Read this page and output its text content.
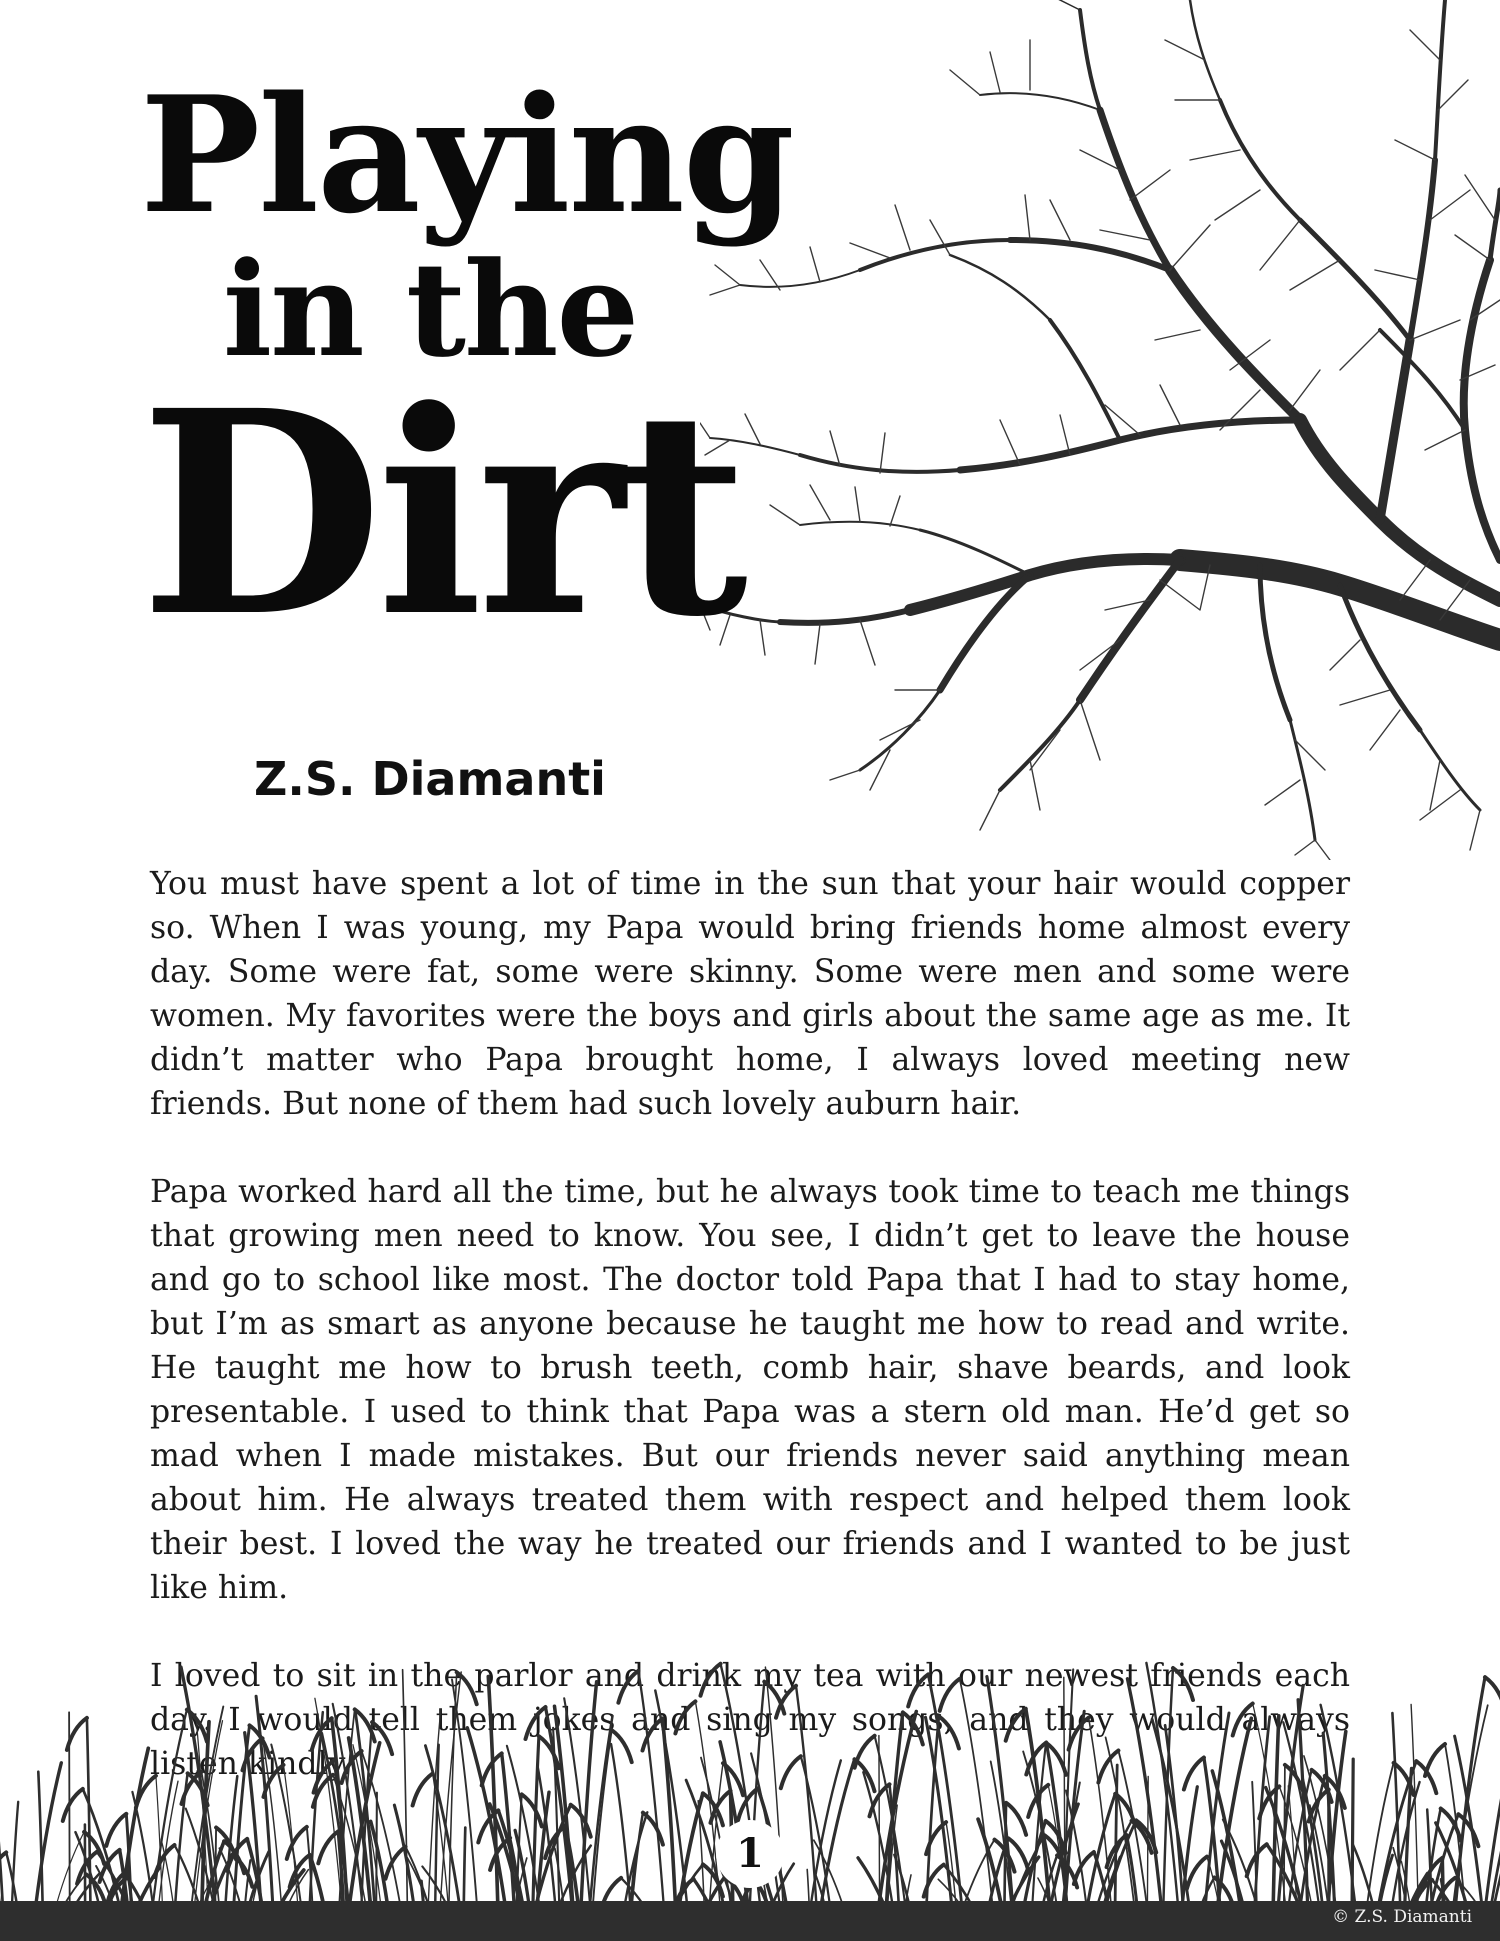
Playing
in the
Dirt
Z.S. Diamanti

You must have spent a lot of time in the sun that your hair would copper so. When I was young, my Papa would bring friends home almost every day. Some were fat, some were skinny. Some were men and some were women. My favorites were the boys and girls about the same age as me. It didn’t matter who Papa brought home, I always loved meeting new friends. But none of them had such lovely auburn hair.

Papa worked hard all the time, but he always took time to teach me things that growing men need to know. You see, I didn’t get to leave the house and go to school like most. The doctor told Papa that I had to stay home, but I’m as smart as anyone because he taught me how to read and write. He taught me how to brush teeth, comb hair, shave beards, and look presentable. I used to think that Papa was a stern old man. He’d get so mad when I made mistakes. But our friends never said anything mean about him. He always treated them with respect and helped them look their best. I loved the way he treated our friends and I wanted to be just like him.

I loved to sit in the parlor and drink my tea with our newest friends each day. I would tell them jokes and sing my songs, and they would always listen kindly.

1
© Z.S. Diamanti
